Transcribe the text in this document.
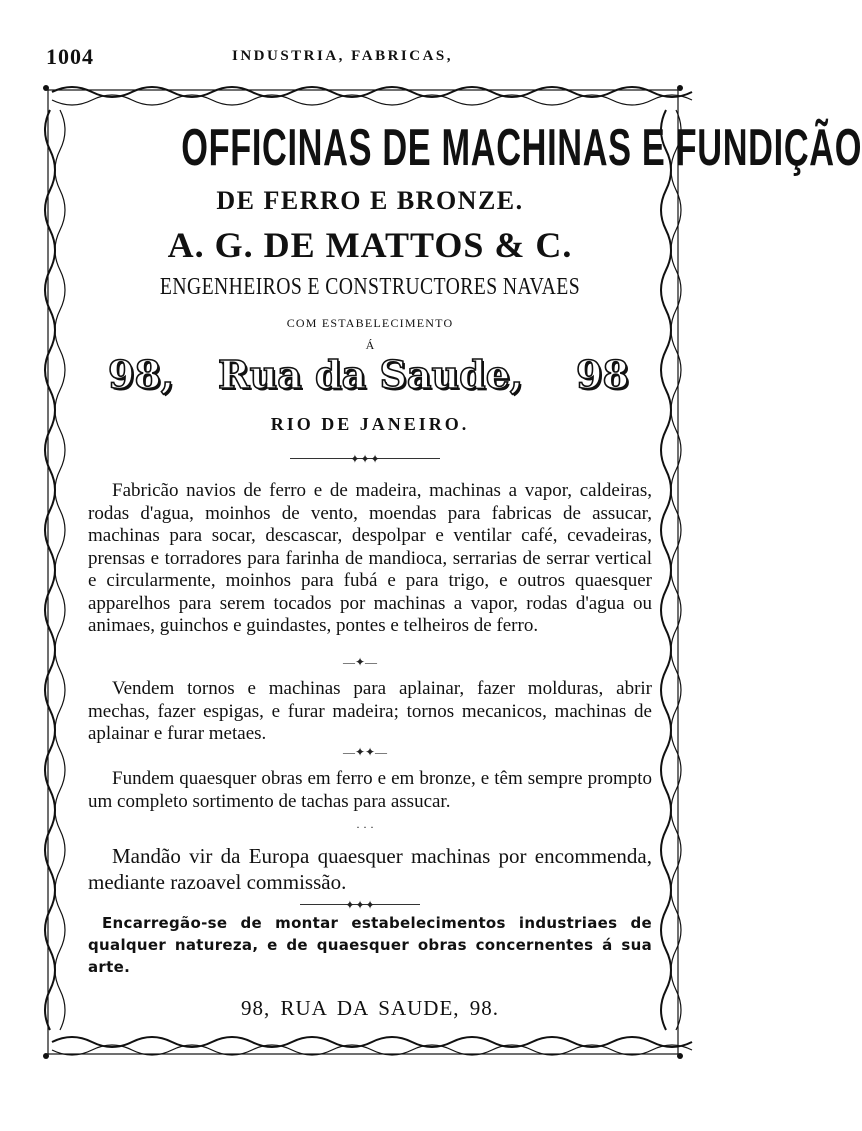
1004	INDUSTRIA, FABRICAS,
OFFICINAS DE MACHINAS E FUNDIÇÃO
DE FERRO E BRONZE.
A. G. DE MATTOS & C.
ENGENHEIROS E CONSTRUCTORES NAVAES
COM ESTABELECIMENTO
Á
98, Rua da Saude, 98
RIO DE JANEIRO.
✦✦✦
Fabricão navios de ferro e de madeira, machinas a vapor, caldeiras, rodas d'agua, moinhos de vento, moendas para fabricas de assucar, machinas para socar, descascar, despolpar e ventilar café, cevadeiras, prensas e torradores para farinha de mandioca, serrarias de serrar vertical e circularmente, moinhos para fubá e para trigo, e outros quaesquer apparelhos para serem tocados por machinas a vapor, rodas d'agua ou animaes, guinchos e guindastes, pontes e telheiros de ferro.
—✦—
Vendem tornos e machinas para aplainar, fazer molduras, abrir mechas, fazer espigas, e furar madeira; tornos mecanicos, machinas de aplainar e furar metaes.
—✦✦—
Fundem quaesquer obras em ferro e em bronze, e têm sempre prompto um completo sortimento de tachas para assucar.
· · ·
Mandão vir da Europa quaesquer machinas por encommenda, mediante razoavel commissão.
✦✦✦
Encarregão-se de montar estabelecimentos industriaes de qualquer natureza, e de quaesquer obras concernentes á sua arte.
98, RUA DA SAUDE, 98.
